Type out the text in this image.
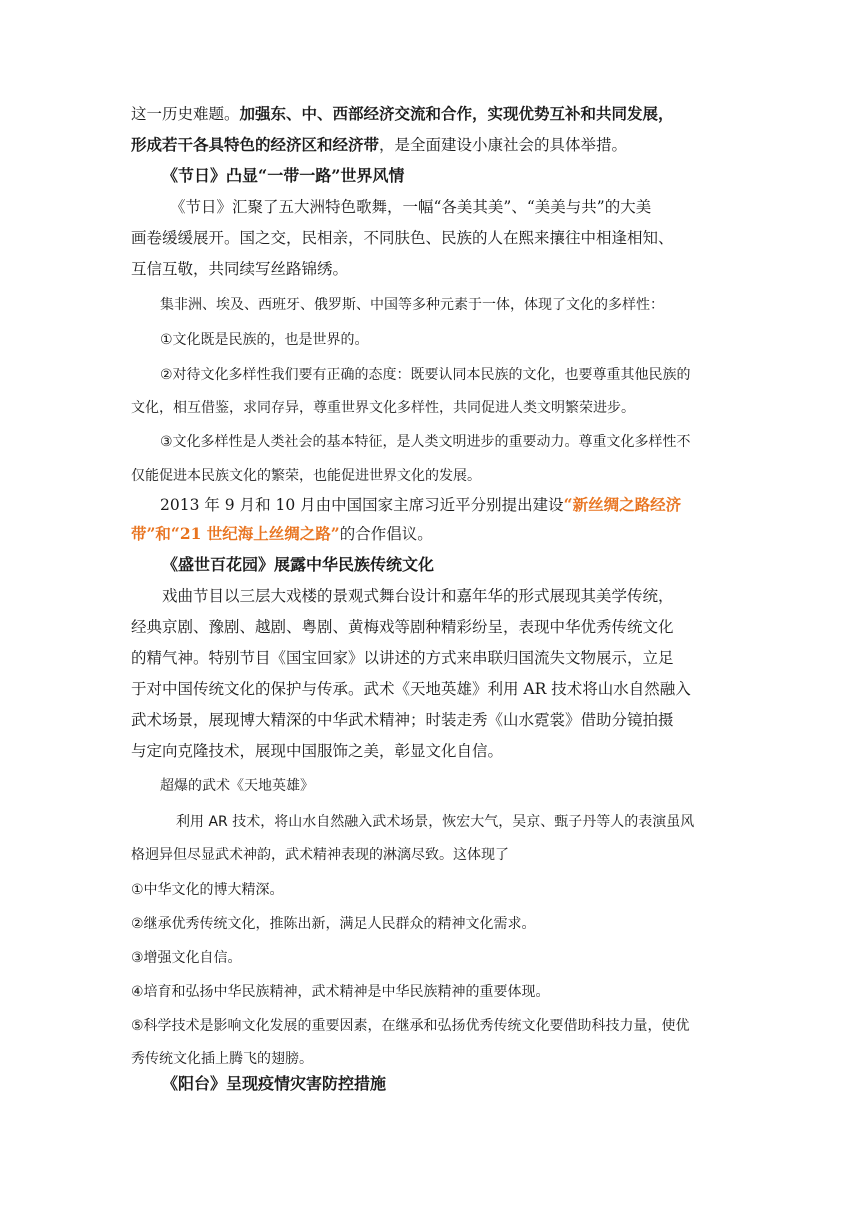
这一历史难题。加强东、中、西部经济交流和合作，实现优势互补和共同发展，
形成若干各具特色的经济区和经济带，是全面建设小康社会的具体举措。
《节日》凸显“一带一路”世界风情
《节日》汇聚了五大洲特色歌舞，一幅“各美其美”、“美美与共”的大美
画卷缓缓展开。国之交，民相亲，不同肤色、民族的人在熙来攘往中相逢相知、
互信互敬，共同续写丝路锦绣。
集非洲、埃及、西班牙、俄罗斯、中国等多种元素于一体，体现了文化的多样性：
①文化既是民族的，也是世界的。
②对待文化多样性我们要有正确的态度：既要认同本民族的文化，也要尊重其他民族的
文化，相互借鉴，求同存异，尊重世界文化多样性，共同促进人类文明繁荣进步。
③文化多样性是人类社会的基本特征，是人类文明进步的重要动力。尊重文化多样性不
仅能促进本民族文化的繁荣，也能促进世界文化的发展。
2013 年 9 月和 10 月由中国国家主席习近平分别提出建设“新丝绸之路经济
带”和“21 世纪海上丝绸之路”的合作倡议。
《盛世百花园》展露中华民族传统文化
戏曲节目以三层大戏楼的景观式舞台设计和嘉年华的形式展现其美学传统，
经典京剧、豫剧、越剧、粤剧、黄梅戏等剧种精彩纷呈，表现中华优秀传统文化
的精气神。特别节目《国宝回家》以讲述的方式来串联归国流失文物展示，立足
于对中国传统文化的保护与传承。武术《天地英雄》利用 AR 技术将山水自然融入
武术场景，展现博大精深的中华武术精神；时装走秀《山水霓裳》借助分镜拍摄
与定向克隆技术，展现中国服饰之美，彰显文化自信。
超爆的武术《天地英雄》
利用 AR 技术，将山水自然融入武术场景，恢宏大气，吴京、甄子丹等人的表演虽风
格迥异但尽显武术神韵，武术精神表现的淋漓尽致。这体现了
①中华文化的博大精深。
②继承优秀传统文化，推陈出新，满足人民群众的精神文化需求。
③增强文化自信。
④培育和弘扬中华民族精神，武术精神是中华民族精神的重要体现。
⑤科学技术是影响文化发展的重要因素，在继承和弘扬优秀传统文化要借助科技力量，使优
秀传统文化插上腾飞的翅膀。
《阳台》呈现疫情灾害防控措施
